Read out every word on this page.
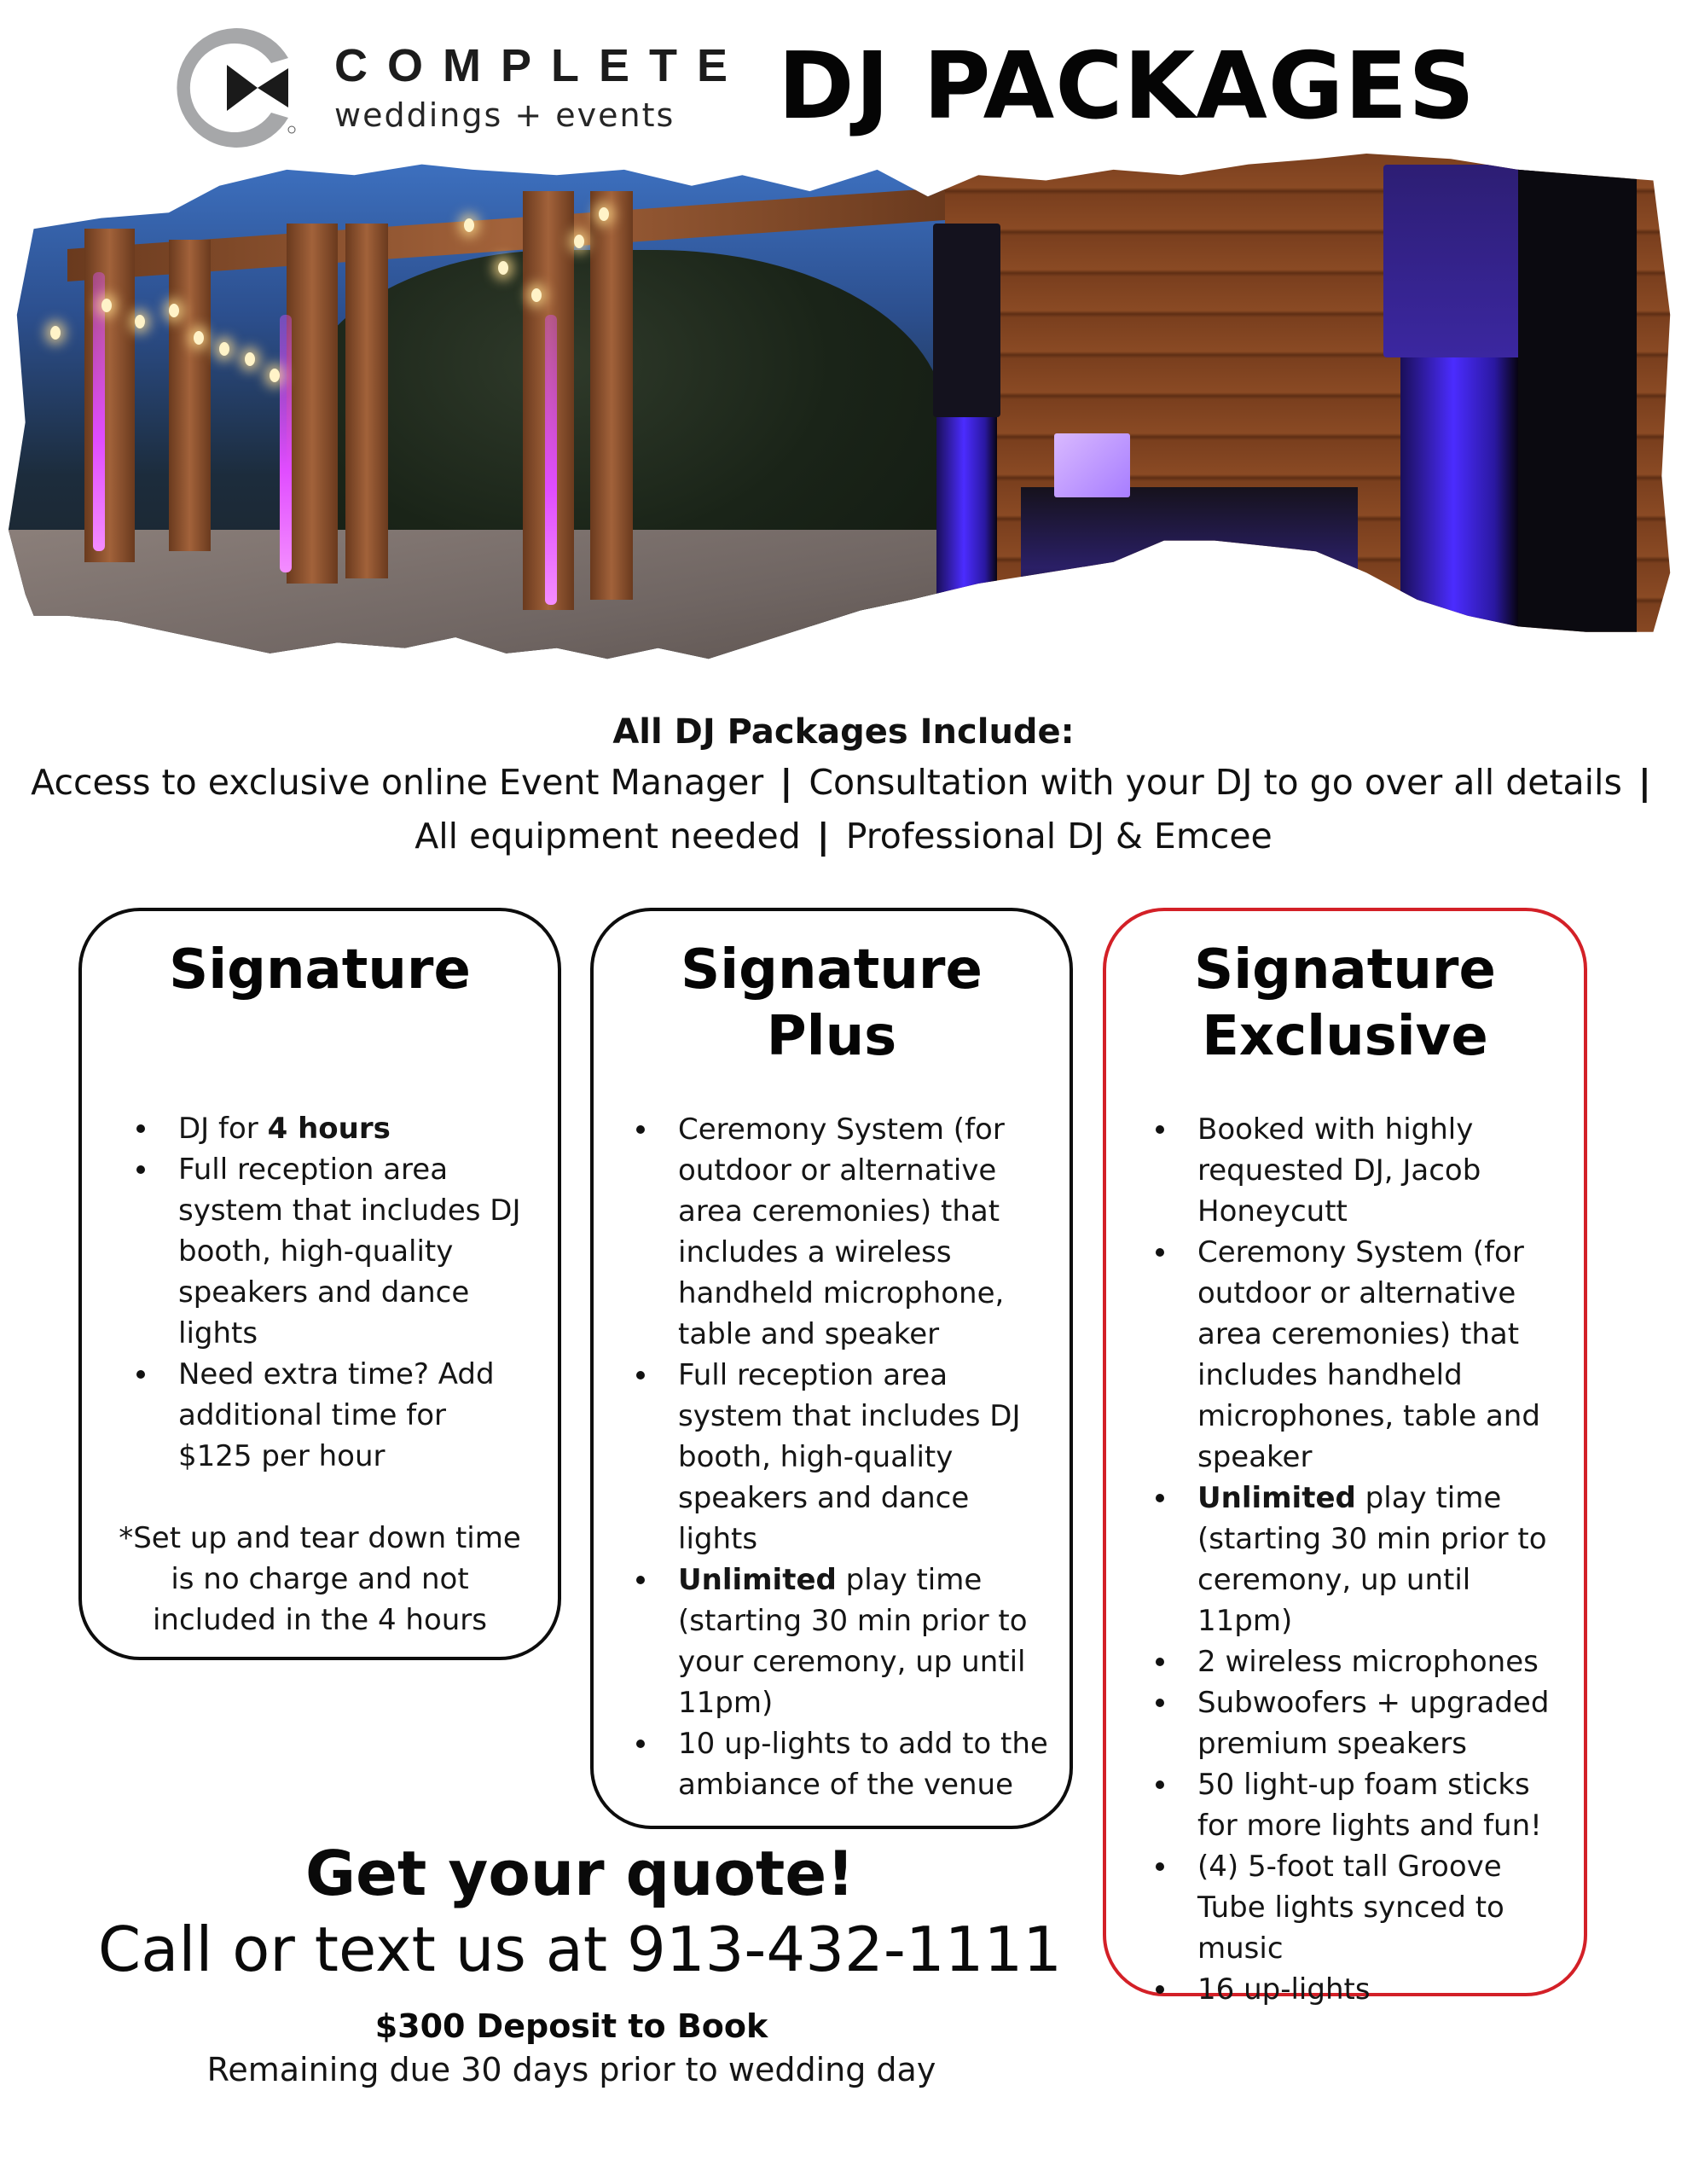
COMPLETE
weddings + events	DJ PACKAGES
All DJ Packages Include:
Access to exclusive online Event Manager | Consultation with your DJ to go over all details |
All equipment needed | Professional DJ & Emcee
Signature
DJ for 4 hours
Full reception area system that includes DJ booth, high-quality speakers and dance lights
Need extra time? Add additional time for $125 per hour
*Set up and tear down time is no charge and not included in the 4 hours
Signature
Plus
Ceremony System (for outdoor or alternative area ceremonies) that includes a wireless handheld microphone, table and speaker
Full reception area system that includes DJ booth, high-quality speakers and dance lights
Unlimited play time (starting 30 min prior to your ceremony, up until 11pm)
10 up-lights to add to the ambiance of the venue
Signature
Exclusive
Booked with highly requested DJ, Jacob Honeycutt
Ceremony System (for outdoor or alternative area ceremonies) that includes handheld microphones, table and speaker
Unlimited play time (starting 30 min prior to ceremony, up until 11pm)
2 wireless microphones
Subwoofers + upgraded premium speakers
50 light-up foam sticks for more lights and fun!
(4) 5-foot tall Groove Tube lights synced to music
16 up-lights
Get your quote!
Call or text us at 913-432-1111
$300 Deposit to Book
Remaining due 30 days prior to wedding day
